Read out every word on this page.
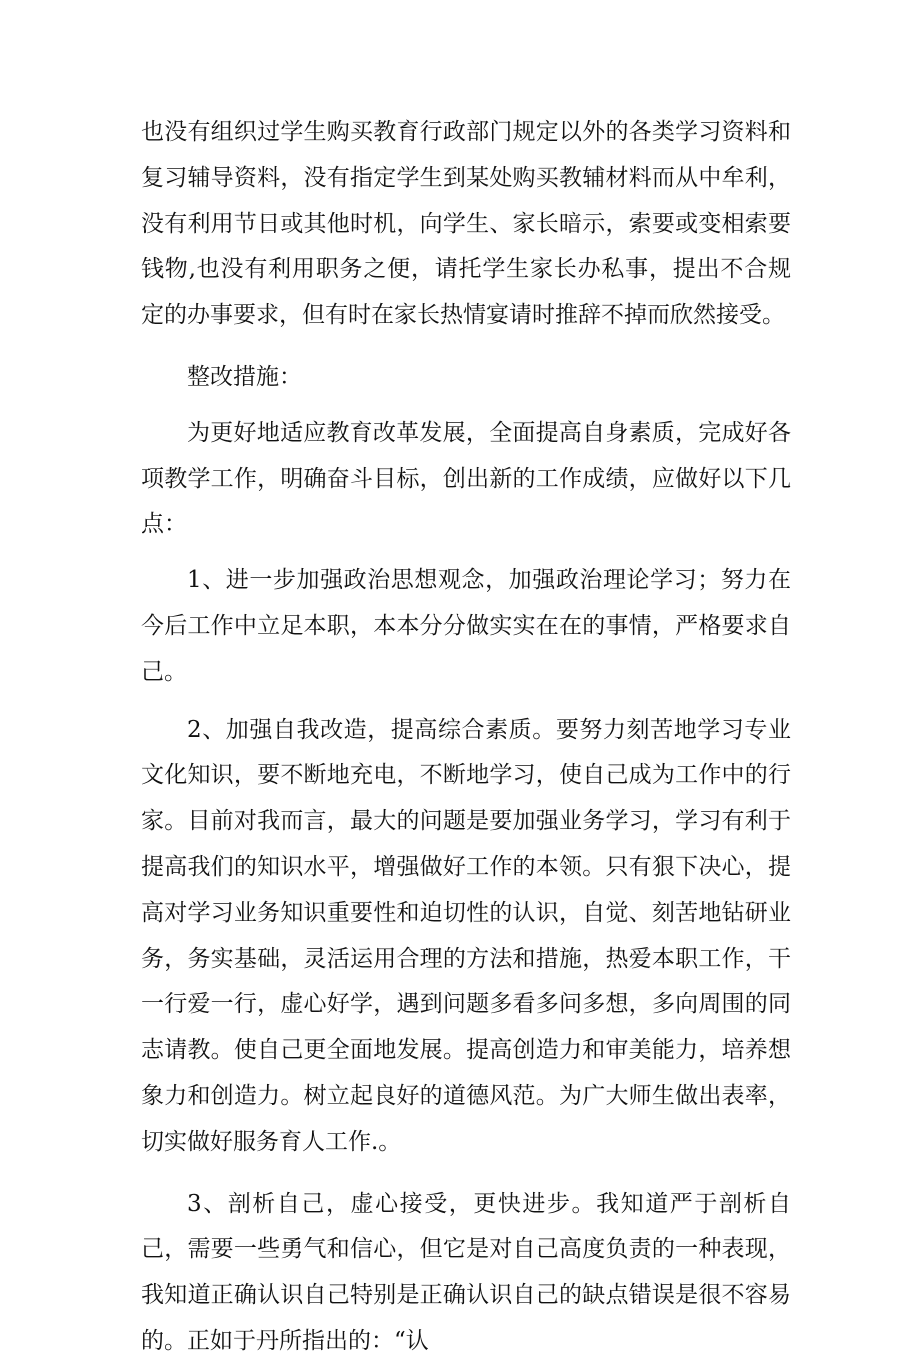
也没有组织过学生购买教育行政部门规定以外的各类学习资料和复习辅导资料，没有指定学生到某处购买教辅材料而从中牟利，没有利用节日或其他时机，向学生、家长暗示，索要或变相索要钱物,也没有利用职务之便，请托学生家长办私事，提出不合规定的办事要求，但有时在家长热情宴请时推辞不掉而欣然接受。

整改措施：

为更好地适应教育改革发展，全面提高自身素质，完成好各项教学工作，明确奋斗目标，创出新的工作成绩，应做好以下几点：

1、进一步加强政治思想观念，加强政治理论学习；努力在今后工作中立足本职，本本分分做实实在在的事情，严格要求自己。

2、加强自我改造，提高综合素质。要努力刻苦地学习专业文化知识，要不断地充电，不断地学习，使自己成为工作中的行家。目前对我而言，最大的问题是要加强业务学习，学习有利于提高我们的知识水平，增强做好工作的本领。只有狠下决心，提高对学习业务知识重要性和迫切性的认识，自觉、刻苦地钻研业务，务实基础，灵活运用合理的方法和措施，热爱本职工作，干一行爱一行，虚心好学，遇到问题多看多问多想，多向周围的同志请教。使自己更全面地发展。提高创造力和审美能力，培养想象力和创造力。树立起良好的道德风范。为广大师生做出表率，切实做好服务育人工作.。

3、剖析自己，虚心接受，更快进步。我知道严于剖析自己，需要一些勇气和信心，但它是对自己高度负责的一种表现，我知道正确认识自己特别是正确认识自己的缺点错误是很不容易的。正如于丹所指出的：“认
